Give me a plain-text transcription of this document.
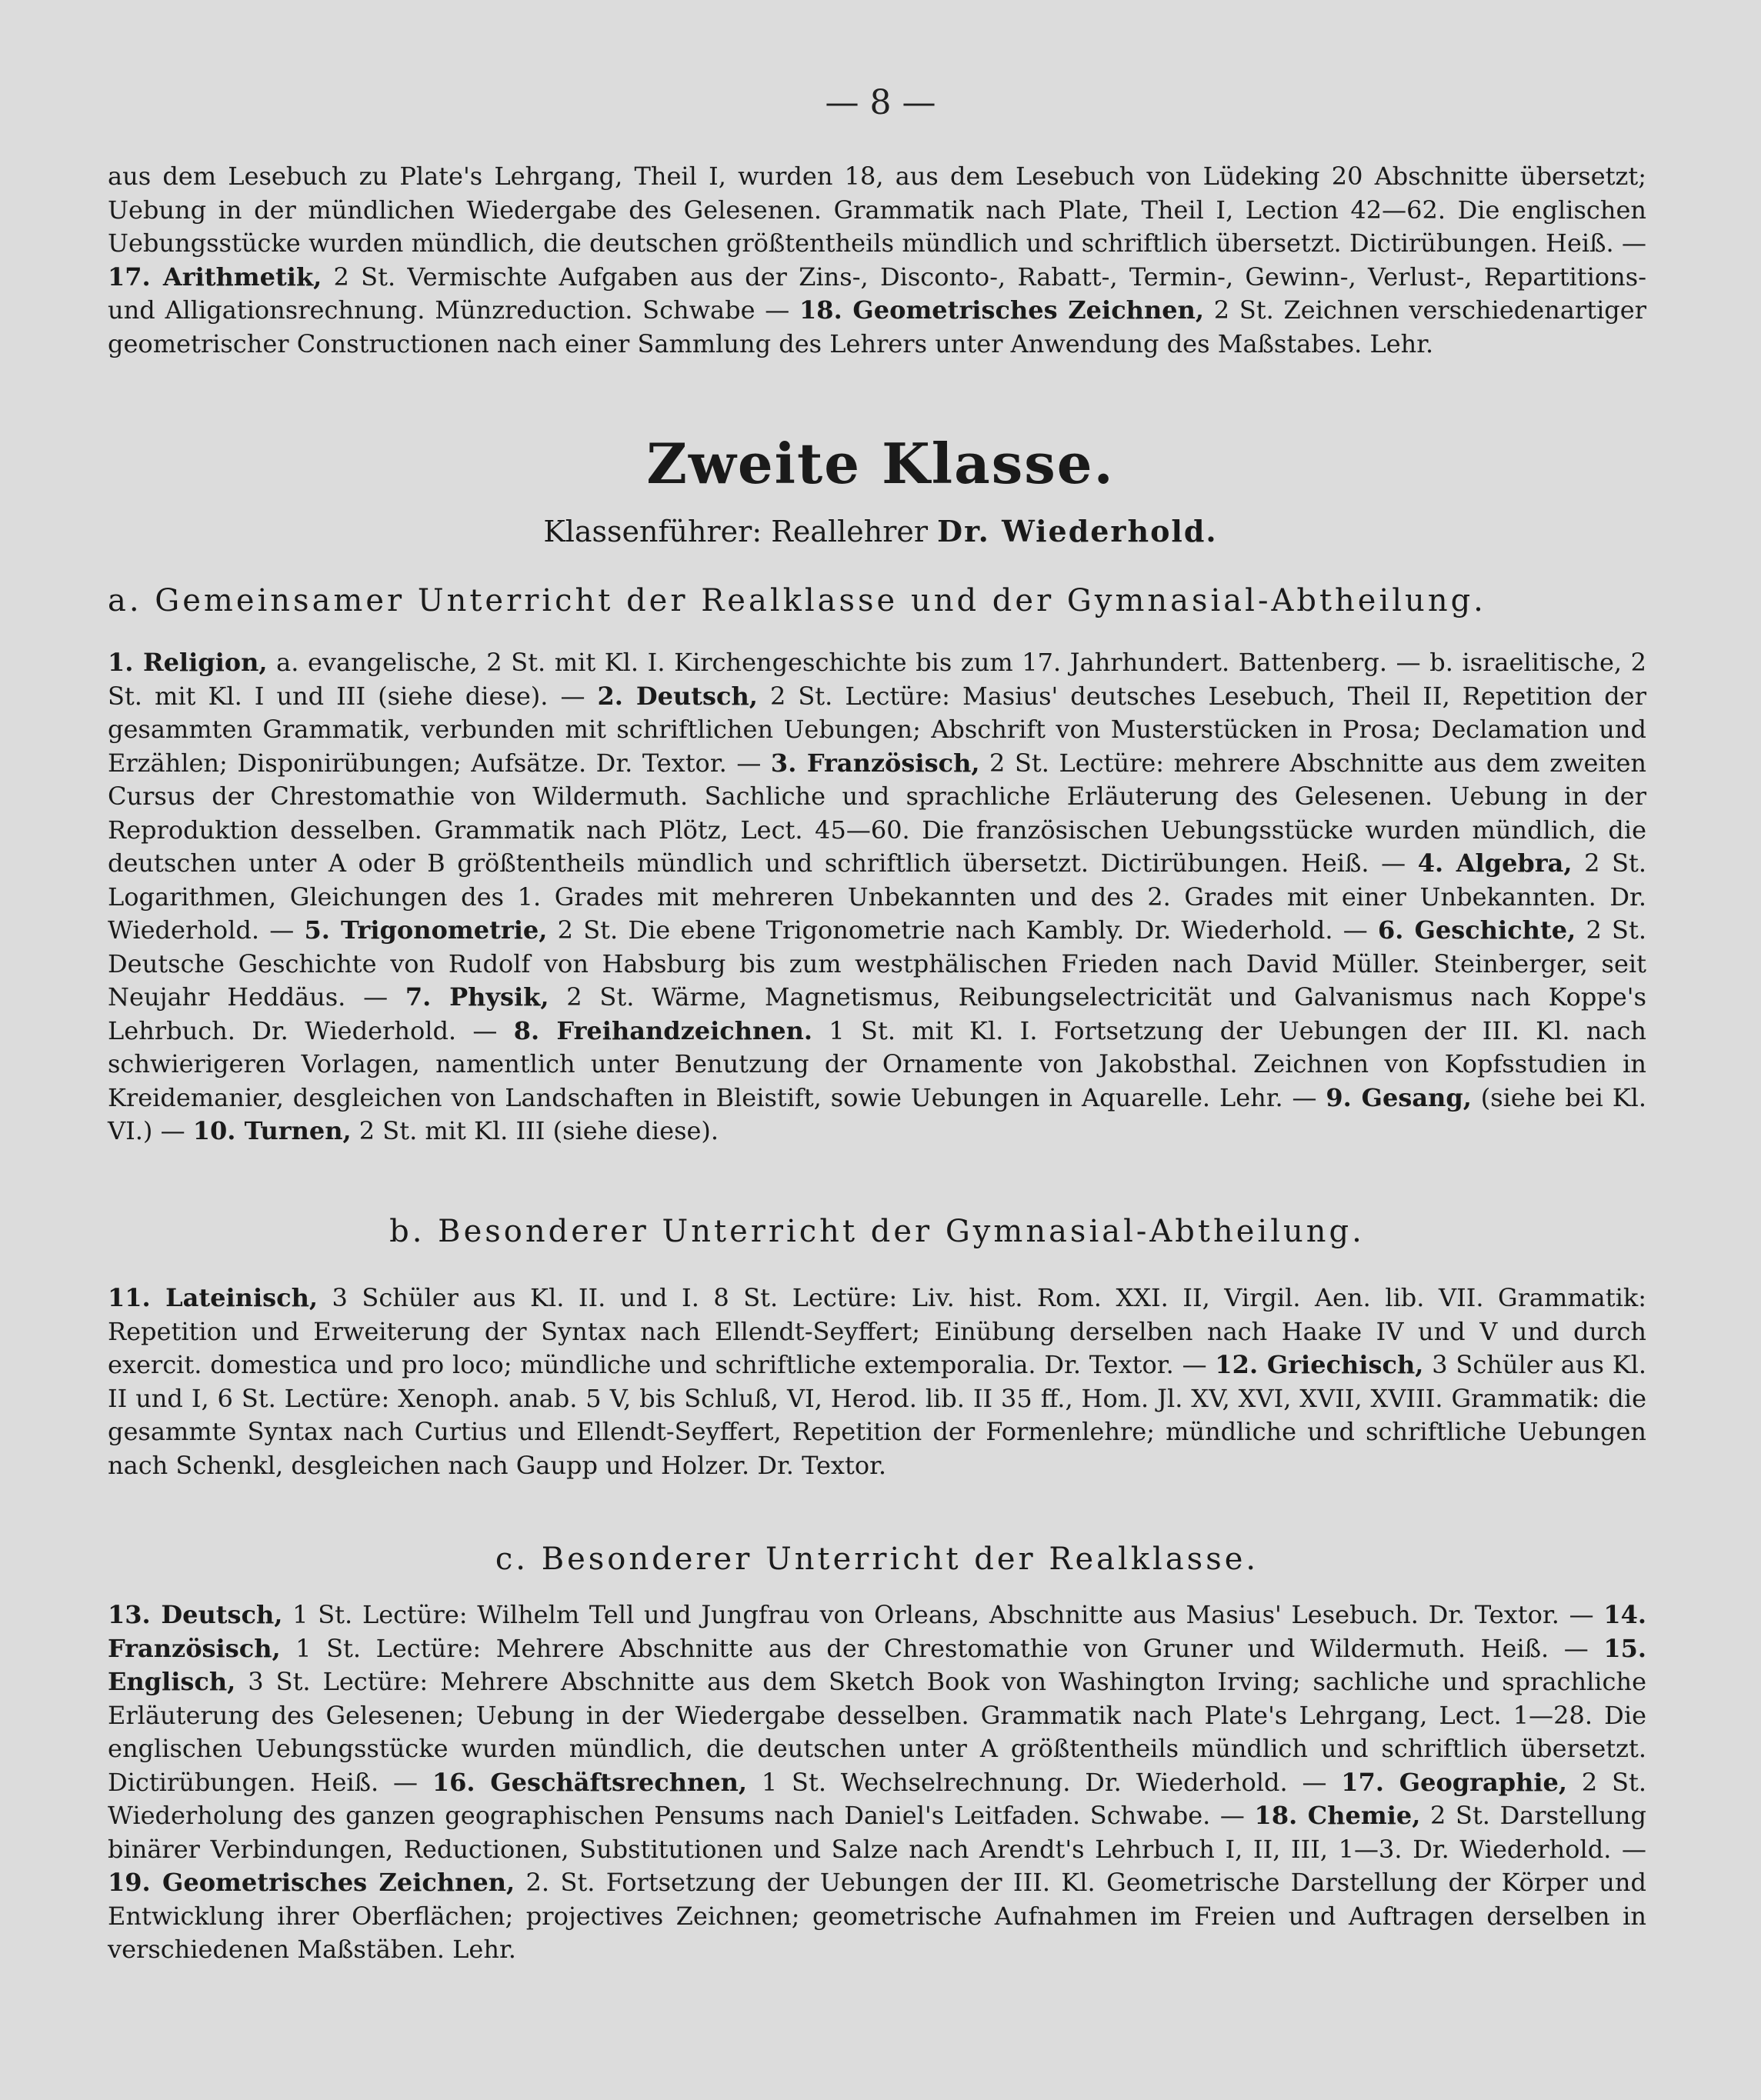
— 8 —
aus dem Lesebuch zu Plate's Lehrgang, Theil I, wurden 18, aus dem Lesebuch von Lüdeking 20 Abschnitte übersetzt; Uebung in der mündlichen Wiedergabe des Gelesenen. Grammatik nach Plate, Theil I, Lection 42—62. Die englischen Uebungsstücke wurden mündlich, die deutschen größtentheils mündlich und schriftlich übersetzt. Dictirübungen. Heiß. — 17. Arithmetik, 2 St. Vermischte Aufgaben aus der Zins-, Disconto-, Rabatt-, Termin-, Gewinn-, Verlust-, Repartitions- und Alligationsrechnung. Münzreduction. Schwabe — 18. Geometrisches Zeichnen, 2 St. Zeichnen verschiedenartiger geometrischer Constructionen nach einer Sammlung des Lehrers unter Anwendung des Maßstabes. Lehr.
Zweite Klasse.
Klassenführer: Reallehrer Dr. Wiederhold.
a. Gemeinsamer Unterricht der Realklasse und der Gymnasial-Abtheilung.
1. Religion, a. evangelische, 2 St. mit Kl. I. Kirchengeschichte bis zum 17. Jahrhundert. Battenberg. — b. israelitische, 2 St. mit Kl. I und III (siehe diese). — 2. Deutsch, 2 St. Lectüre: Masius' deutsches Lesebuch, Theil II, Repetition der gesammten Grammatik, verbunden mit schriftlichen Uebungen; Abschrift von Musterstücken in Prosa; Declamation und Erzählen; Disponirübungen; Aufsätze. Dr. Textor. — 3. Französisch, 2 St. Lectüre: mehrere Abschnitte aus dem zweiten Cursus der Chrestomathie von Wildermuth. Sachliche und sprachliche Erläuterung des Gelesenen. Uebung in der Reproduktion desselben. Grammatik nach Plötz, Lect. 45—60. Die französischen Uebungsstücke wurden mündlich, die deutschen unter A oder B größtentheils mündlich und schriftlich übersetzt. Dictirübungen. Heiß. — 4. Algebra, 2 St. Logarithmen, Gleichungen des 1. Grades mit mehreren Unbekannten und des 2. Grades mit einer Unbekannten. Dr. Wiederhold. — 5. Trigonometrie, 2 St. Die ebene Trigonometrie nach Kambly. Dr. Wiederhold. — 6. Geschichte, 2 St. Deutsche Geschichte von Rudolf von Habsburg bis zum westphälischen Frieden nach David Müller. Steinberger, seit Neujahr Heddäus. — 7. Physik, 2 St. Wärme, Magnetismus, Reibungselectricität und Galvanismus nach Koppe's Lehrbuch. Dr. Wiederhold. — 8. Freihandzeichnen. 1 St. mit Kl. I. Fortsetzung der Uebungen der III. Kl. nach schwierigeren Vorlagen, namentlich unter Benutzung der Ornamente von Jakobsthal. Zeichnen von Kopfsstudien in Kreidemanier, desgleichen von Landschaften in Bleistift, sowie Uebungen in Aquarelle. Lehr. — 9. Gesang, (siehe bei Kl. VI.) — 10. Turnen, 2 St. mit Kl. III (siehe diese).
b. Besonderer Unterricht der Gymnasial-Abtheilung.
11. Lateinisch, 3 Schüler aus Kl. II. und I. 8 St. Lectüre: Liv. hist. Rom. XXI. II, Virgil. Aen. lib. VII. Grammatik: Repetition und Erweiterung der Syntax nach Ellendt-Seyffert; Einübung derselben nach Haake IV und V und durch exercit. domestica und pro loco; mündliche und schriftliche extemporalia. Dr. Textor. — 12. Griechisch, 3 Schüler aus Kl. II und I, 6 St. Lectüre: Xenoph. anab. 5 V, bis Schluß, VI, Herod. lib. II 35 ff., Hom. Jl. XV, XVI, XVII, XVIII. Grammatik: die gesammte Syntax nach Curtius und Ellendt-Seyffert, Repetition der Formenlehre; mündliche und schriftliche Uebungen nach Schenkl, desgleichen nach Gaupp und Holzer. Dr. Textor.
c. Besonderer Unterricht der Realklasse.
13. Deutsch, 1 St. Lectüre: Wilhelm Tell und Jungfrau von Orleans, Abschnitte aus Masius' Lesebuch. Dr. Textor. — 14. Französisch, 1 St. Lectüre: Mehrere Abschnitte aus der Chrestomathie von Gruner und Wildermuth. Heiß. — 15. Englisch, 3 St. Lectüre: Mehrere Abschnitte aus dem Sketch Book von Washington Irving; sachliche und sprachliche Erläuterung des Gelesenen; Uebung in der Wiedergabe desselben. Grammatik nach Plate's Lehrgang, Lect. 1—28. Die englischen Uebungsstücke wurden mündlich, die deutschen unter A größtentheils mündlich und schriftlich übersetzt. Dictirübungen. Heiß. — 16. Geschäftsrechnen, 1 St. Wechselrechnung. Dr. Wiederhold. — 17. Geographie, 2 St. Wiederholung des ganzen geographischen Pensums nach Daniel's Leitfaden. Schwabe. — 18. Chemie, 2 St. Darstellung binärer Verbindungen, Reductionen, Substitutionen und Salze nach Arendt's Lehrbuch I, II, III, 1—3. Dr. Wiederhold. — 19. Geometrisches Zeichnen, 2. St. Fortsetzung der Uebungen der III. Kl. Geometrische Darstellung der Körper und Entwicklung ihrer Oberflächen; projectives Zeichnen; geometrische Aufnahmen im Freien und Auftragen derselben in verschiedenen Maßstäben. Lehr.
